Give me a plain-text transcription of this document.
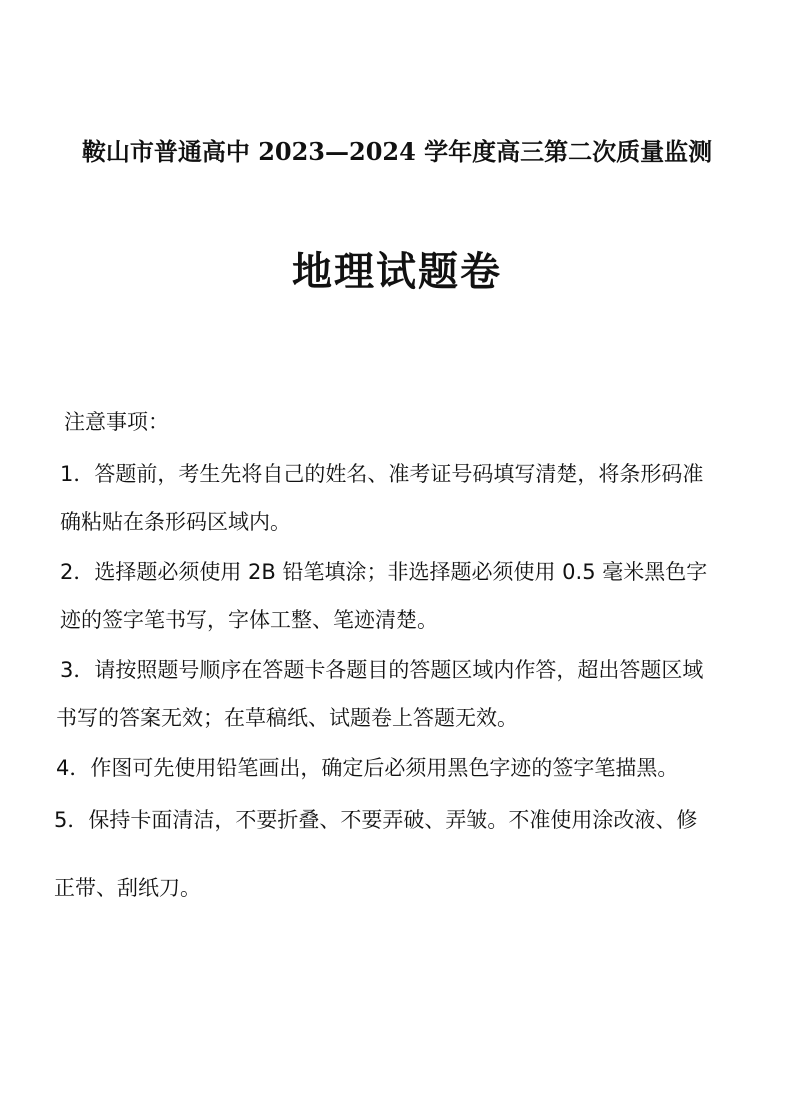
鞍山市普通高中 2023—2024 学年度高三第二次质量监测
地理试题卷
注意事项：
1．答题前，考生先将自己的姓名、准考证号码填写清楚，将条形码准
确粘贴在条形码区域内。
2．选择题必须使用 2B 铅笔填涂；非选择题必须使用 0.5 毫米黑色字
迹的签字笔书写，字体工整、笔迹清楚。
3．请按照题号顺序在答题卡各题目的答题区域内作答，超出答题区域
书写的答案无效；在草稿纸、试题卷上答题无效。
4．作图可先使用铅笔画出，确定后必须用黑色字迹的签字笔描黑。
5．保持卡面清洁，不要折叠、不要弄破、弄皱。不准使用涂改液、修
正带、刮纸刀。
